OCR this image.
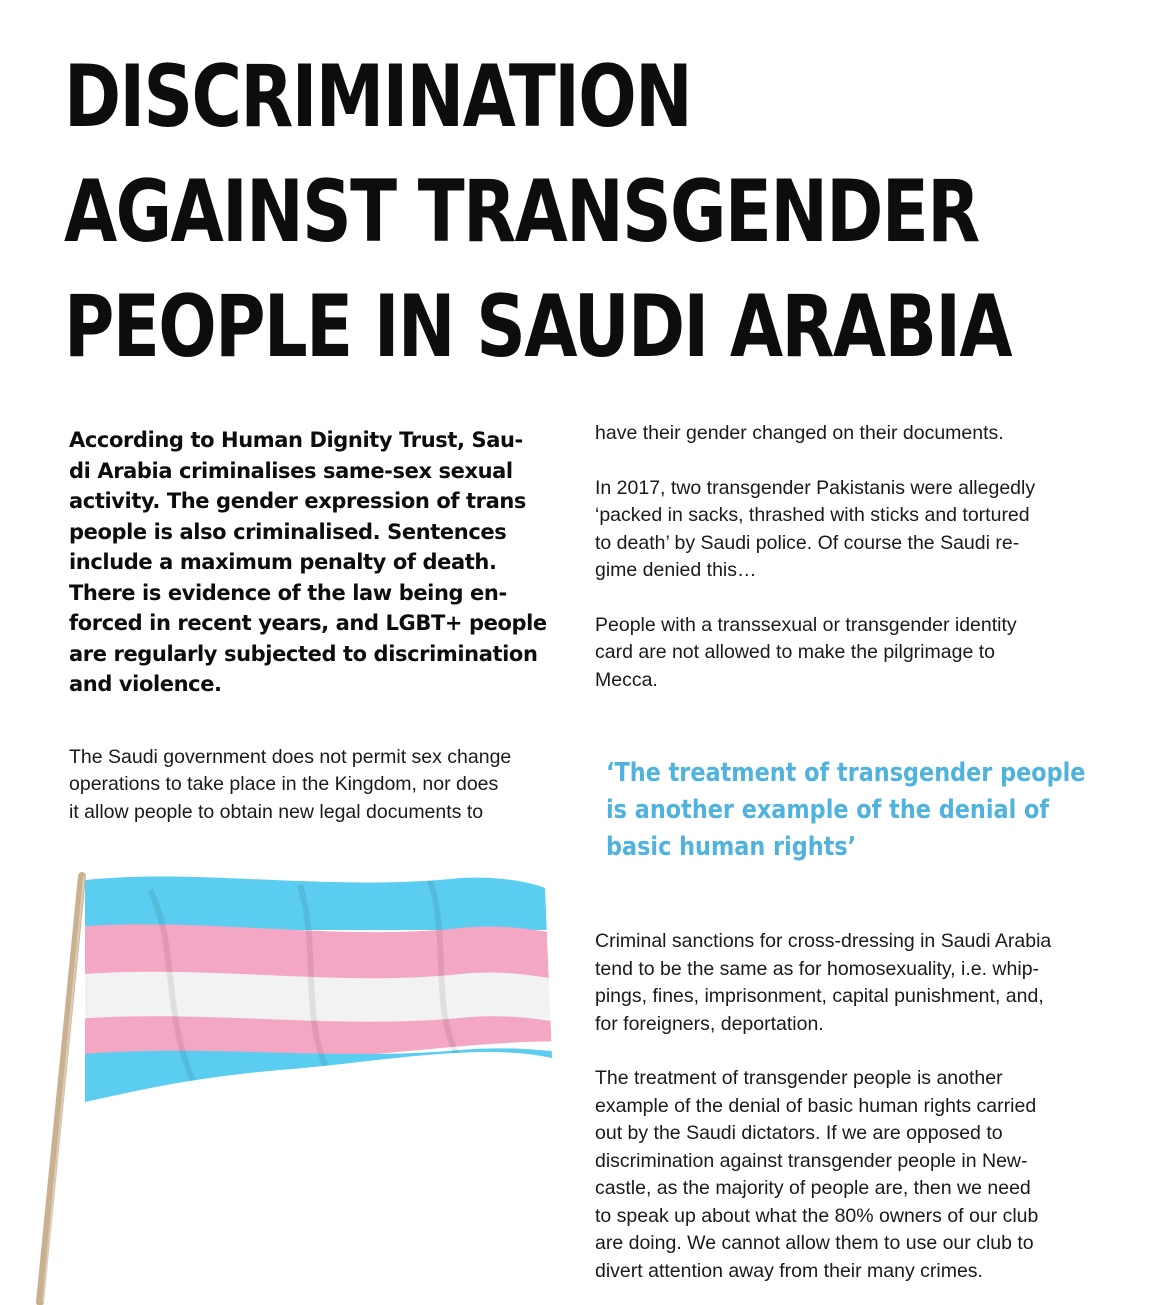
DISCRIMINATION
AGAINST TRANSGENDER
PEOPLE IN SAUDI ARABIA

According to Human Dignity Trust, Sau-
di Arabia criminalises same-sex sexual
activity. The gender expression of trans
people is also criminalised. Sentences
include a maximum penalty of death.
There is evidence of the law being en-
forced in recent years, and LGBT+ people
are regularly subjected to discrimination
and violence.

The Saudi government does not permit sex change
operations to take place in the Kingdom, nor does
it allow people to obtain new legal documents to

have their gender changed on their documents.

In 2017, two transgender Pakistanis were allegedly
‘packed in sacks, thrashed with sticks and tortured
to death’ by Saudi police. Of course the Saudi re-
gime denied this…

People with a transsexual or transgender identity
card are not allowed to make the pilgrimage to
Mecca.

Criminal sanctions for cross-dressing in Saudi Arabia
tend to be the same as for homosexuality, i.e. whip-
pings, fines, imprisonment, capital punishment, and,
for foreigners, deportation.

The treatment of transgender people is another
example of the denial of basic human rights carried
out by the Saudi dictators. If we are opposed to
discrimination against transgender people in New-
castle, as the majority of people are, then we need
to speak up about what the 80% owners of our club
are doing. We cannot allow them to use our club to
divert attention away from their many crimes.

‘The treatment of transgender people
is another example of the denial of
basic human rights’
